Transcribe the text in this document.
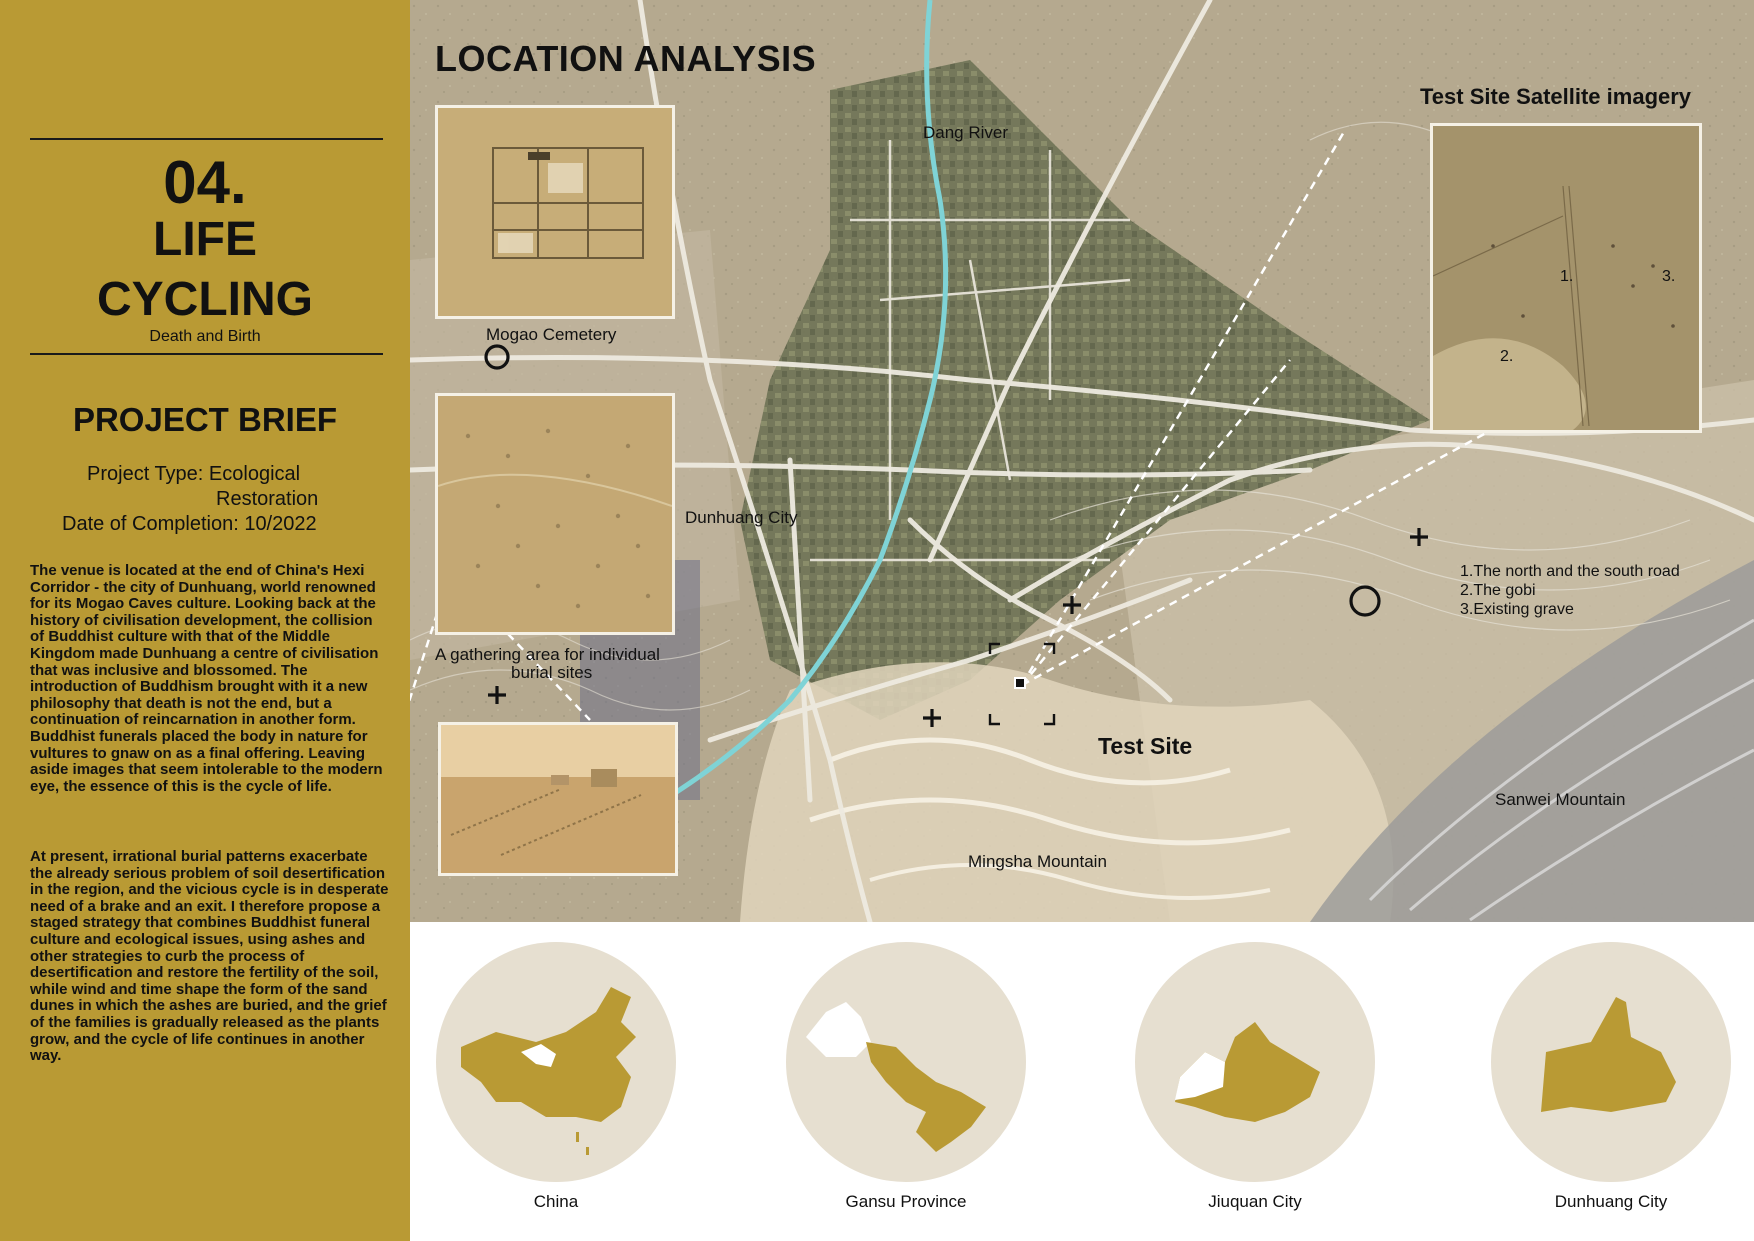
04.
LIFE
CYCLING
Death and Birth
PROJECT BRIEF
Project Type: Ecological
Restoration
Date of Completion: 10/2022
The venue is located at the end of China's Hexi Corridor - the city of Dunhuang, world renowned for its Mogao Caves culture. Looking back at the history of civilisation development, the collision of Buddhist culture with that of the Middle Kingdom made Dunhuang a centre of civilisation that was inclusive and blossomed. The introduction of Buddhism brought with it a new philosophy that death is not the end, but a continuation of reincarnation in another form. Buddhist funerals placed the body in nature for vultures to gnaw on as a final offering. Leaving aside images that seem intolerable to the modern eye, the essence of this is the cycle of life.
At present, irrational burial patterns exacerbate the already serious problem of soil desertification in the region, and the vicious cycle is in desperate need of a brake and an exit. I therefore propose a staged strategy that combines Buddhist funeral culture and ecological issues, using ashes and other strategies to curb the process of desertification and restore the fertility of the soil, while wind and time shape the form of the sand dunes in which the ashes are buried, and the grief of the families is gradually released as the plants grow, and the cycle of life continues in another way.
LOCATION ANALYSIS
Dang River
Dunhuang City
Mingsha Mountain
Sanwei Mountain
Mogao Cemetery
A gathering area for individual
burial sites
Test Site
Test Site Satellite imagery
1.
2.
3.
1.The north and the south road
2.The gobi
3.Existing grave
China	Gansu Province	Jiuquan City	Dunhuang City
